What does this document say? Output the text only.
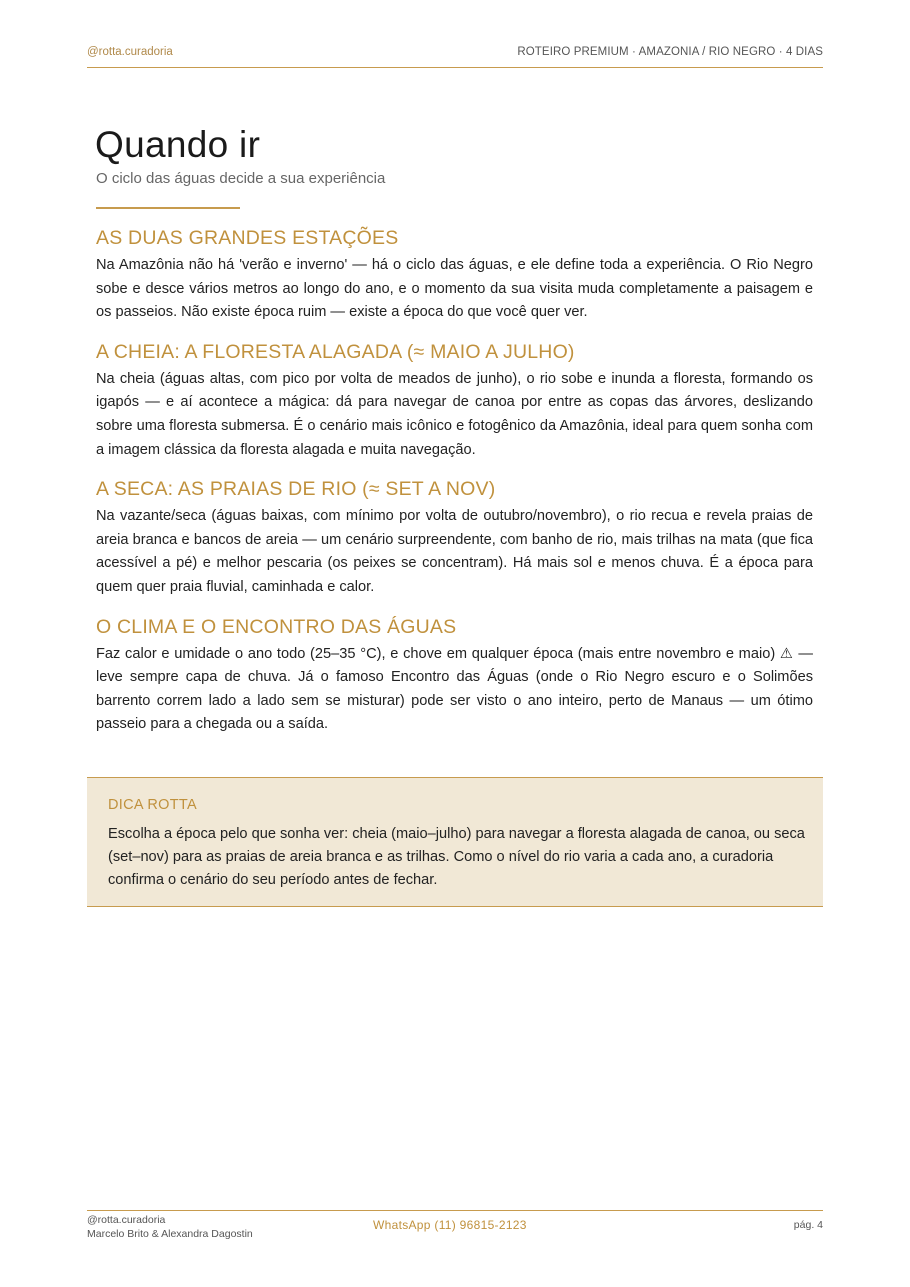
@rotta.curadoria	ROTEIRO PREMIUM · AMAZONIA / RIO NEGRO · 4 DIAS
Quando ir

O ciclo das águas decide a sua experiência

AS DUAS GRANDES ESTAÇÕES

Na Amazônia não há 'verão e inverno' — há o ciclo das águas, e ele define toda a experiência. O Rio Negro sobe e desce vários metros ao longo do ano, e o momento da sua visita muda completamente a paisagem e os passeios. Não existe época ruim — existe a época do que você quer ver.

A CHEIA: A FLORESTA ALAGADA (≈ MAIO A JULHO)

Na cheia (águas altas, com pico por volta de meados de junho), o rio sobe e inunda a floresta, formando os igapós — e aí acontece a mágica: dá para navegar de canoa por entre as copas das árvores, deslizando sobre uma floresta submersa. É o cenário mais icônico e fotogênico da Amazônia, ideal para quem sonha com a imagem clássica da floresta alagada e muita navegação.

A SECA: AS PRAIAS DE RIO (≈ SET A NOV)

Na vazante/seca (águas baixas, com mínimo por volta de outubro/novembro), o rio recua e revela praias de areia branca e bancos de areia — um cenário surpreendente, com banho de rio, mais trilhas na mata (que fica acessível a pé) e melhor pescaria (os peixes se concentram). Há mais sol e menos chuva. É a época para quem quer praia fluvial, caminhada e calor.

O CLIMA E O ENCONTRO DAS ÁGUAS

Faz calor e umidade o ano todo (25–35 °C), e chove em qualquer época (mais entre novembro e maio) ⚠ — leve sempre capa de chuva. Já o famoso Encontro das Águas (onde o Rio Negro escuro e o Solimões barrento correm lado a lado sem se misturar) pode ser visto o ano inteiro, perto de Manaus — um ótimo passeio para a chegada ou a saída.

DICA ROTTA

Escolha a época pelo que sonha ver: cheia (maio–julho) para navegar a floresta alagada de canoa, ou seca (set–nov) para as praias de areia branca e as trilhas. Como o nível do rio varia a cada ano, a curadoria confirma o cenário do seu período antes de fechar.

@rotta.curadoria
Marcelo Brito & Alexandra Dagostin
WhatsApp (11) 96815-2123	pág. 4
